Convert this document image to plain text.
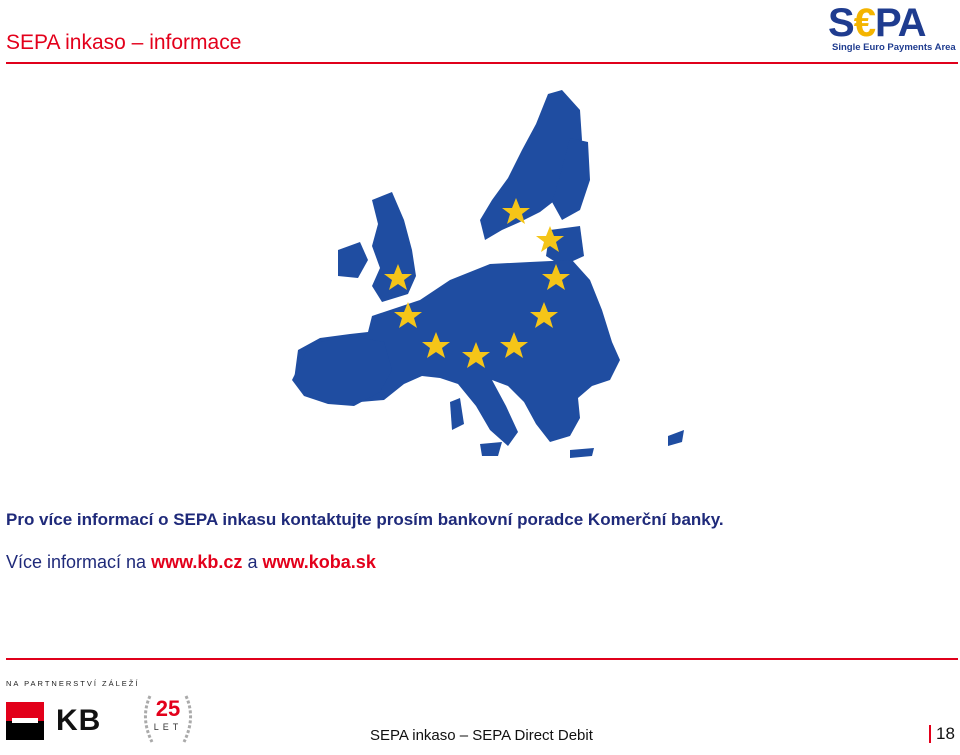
SEPA inkaso – informace	S€PA
Single Euro Payments Area

Pro více informací o SEPA inkasu kontaktujte prosím bankovní poradce Komerční banky.

Více informací na www.kb.cz a www.koba.sk

NA PARTNERSTVÍ ZÁLEŽÍ

KB	25
LET	SEPA inkaso – SEPA Direct Debit	18
